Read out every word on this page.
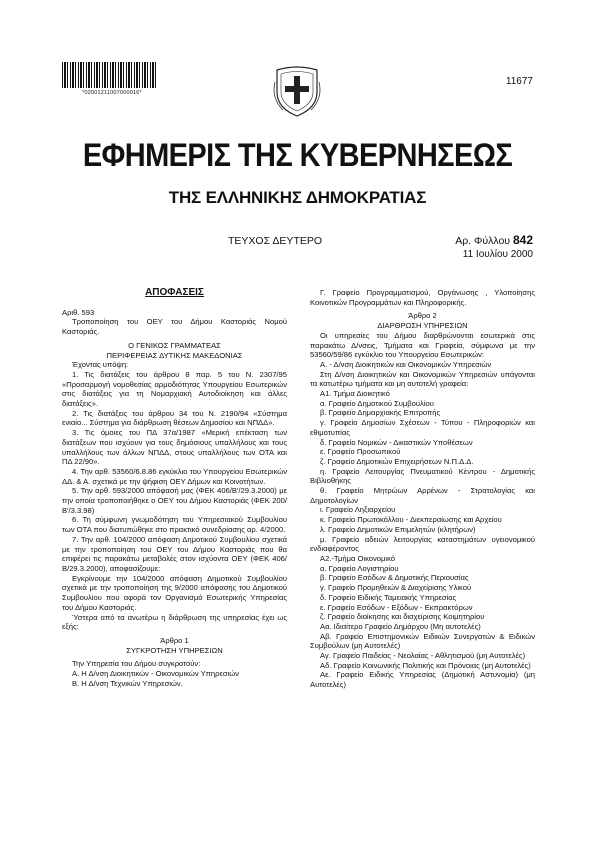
*02001211007000016*
11677
ΕΦΗΜΕΡΙΣ ΤΗΣ ΚΥΒΕΡΝΗΣΕΩΣ
ΤΗΣ ΕΛΛΗΝΙΚΗΣ ΔΗΜΟΚΡΑΤΙΑΣ
ΤΕΥΧΟΣ ΔΕΥΤΕΡΟ	Αρ. Φύλλου 842
11 Ιουλίου 2000

ΑΠΟΦΑΣΕΙΣ

Αριθ. 593

Τροποποίηση του ΟΕΥ του Δήμου Καστοριάς Νομού Καστοριάς.

Ο ΓΕΝΙΚΟΣ ΓΡΑΜΜΑΤΕΑΣ

ΠΕΡΙΦΕΡΕΙΑΣ ΔΥΤΙΚΗΣ ΜΑΚΕΔΟΝΙΑΣ

Έχοντας υπόψη:

1. Τις διατάξεις του άρθρου 8 παρ. 5 του Ν. 2307/95 «Προσαρμογή νομοθεσίας αρμοδιότητας Υπουργείου Εσωτερικών στις διατάξεις για τη Νομαρχιακή Αυτοδιοίκηση και άλλες διατάξεις».

2. Τις διατάξεις του άρθρου 34 του Ν. 2190/94 «Σύστημα ενιαίο... Σύστημα για διάρθρωση θέσεων Δημοσίου και ΝΠΔΔ».

3. Τις όμοιες του ΠΔ 37α/1987 «Μερική επέκταση των διατάξεων που ισχύουν για τους δημόσιους υπαλλήλους και τους υπαλλήλους των άλλων ΝΠΔΔ, στους υπαλλήλους των ΟΤΑ και ΠΔ 22/90».

4. Την αρθ. 53560/6.8.86 εγκύκλιο του Υπουργείου Εσωτερικών ΔΔ. & Α. σχετικά με την ψήφιση ΟΕΥ Δήμων και Κοινοτήτων.

5. Την αρθ. 593/2000 απόφασή μας (ΦΕΚ 406/Β'/29.3.2000) με την οποία τροποποιήθηκε ο ΟΕΥ του Δήμου Καστοριάς (ΦΕΚ 200/Β'/3.3.98)

6. Τη σύμφωνη γνωμοδότηση του Υπηρεσιακού Συμβουλίου των ΟΤΑ που διατυπώθηκε στο πρακτικό συνεδρίασης αρ. 4/2000.

7. Την αρθ. 104/2000 απόφαση Δημοτικού Συμβουλίου σχετικά με την τροποποίηση του ΟΕΥ του Δήμου Καστοριάς που θα επιφέρει τις παρακάτω μεταβολές στον ισχύοντα ΟΕΥ (ΦΕΚ 406/Β/29.3.2000), αποφασίζουμε:

Εγκρίνουμε την 104/2000 απόφαση Δημοτικού Συμβουλίου σχετικά με την τροποποίηση της 9/2000 απόφασης του Δημοτικού Συμβουλίου που αφορά τον Οργανισμό Εσωτερικής Υπηρεσίας του Δήμου Καστοριάς.

Ύστερα από τα ανωτέρω η διάρθρωση της υπηρεσίας έχει ως εξής:

Άρθρο 1

ΣΥΓΚΡΟΤΗΣΗ ΥΠΗΡΕΣΙΩΝ

Την Υπηρεσία του Δήμου συγκροτούν:

Α. Η Δ/νση Διοικητικών - Οικονομικών Υπηρεσιών

Β. Η Δ/νση Τεχνικών Υπηρεσιών.

Γ. Γραφείο Προγραμματισμού, Οργάνωσης , Υλοποίησης Κοινοτικών Προγραμμάτων και Πληροφορικής.

Άρθρο 2

ΔΙΑΡΘΡΩΣΗ ΥΠΗΡΕΣΙΩΝ

Οι υπηρεσίες του Δήμου διαρθρώνονται εσωτερικά στις παρακάτω Δ/νσεις, Τμήματα και Γραφεία, σύμφωνα με την 53560/59/86 εγκύκλιο του Υπουργείου Εσωτερικών:

Α. - Δ/νση Διοικητικών και Οικονομικών Υπηρεσιών

Στη Δ/νση Διοικητικών και Οικονομικών Υπηρεσιών υπάγονται τα κατωτέρω τμήματα και μη αυτοτελή γραφεία:

Α1. Τμήμα Διοικητικό

α. Γραφείο Δημοτικού Συμβουλίου

β. Γραφείο Δημαρχιακής Επιτροπής

γ. Γραφείο Δημοσίων Σχέσεων - Τύπου - Πληροφοριών και εθιμοτυπίας

δ. Γραφείο Νομικών - Δικαστικών Υποθέσεων

ε. Γραφείο Προσωπικού

ζ. Γραφείο Δημοτικών Επιχειρήσεων Ν.Π.Δ.Δ.

η. Γραφείο Λειτουργίας Πνευματικού Κέντρου - Δημοτικής Βιβλιοθήκης

θ. Γραφείο Μητρώων Αρρένων - Στρατολογίας και Δημοτολογίων

ι. Γραφείο Ληξιαρχείου

κ. Γραφείο Πρωτοκόλλου - Διεκπεραίωσης και Αρχείου

λ. Γραφείο Δημοτικών Επιμελητών (κλητήρων)

μ. Γραφείο αδειών λειτουργίας καταστημάτων υγειονομικού ενδιαφέροντος

Α2.-Τμήμα Οικονομικό

α. Γραφείο Λογιστηρίου

β. Γραφείο Εσόδων & Δημοτικής Περιουσίας

γ. Γραφείο Προμηθειών & Διαχείρισης Υλικού

δ. Γραφείο Ειδικής Ταμειακής Υπηρεσίας

ε. Γραφείο Εσόδων - Εξόδων - Εκπρακτόρων

ζ. Γραφείο διοίκησης και διαχείρισης Κοιμητηρίου

Αα. Ιδιαίτερο Γραφείο Δημάρχου (Μη αυτοτελές)

Αβ. Γραφείο Επιστημονικών Ειδικών Συνεργατών & Ειδικών Συμβούλων (μη Αυτοτελές)

Αγ. Γραφείο Παιδείας - Νεολαίας - Αθλητισμού (μη Αυτοτελές)

Αδ. Γραφείο Κοινωνικής Πολιτικής και Πρόνοιας (μη Αυτοτελές)

Αε. Γραφείο Ειδικής Υπηρεσίας (Δημοτική Αστυνομία) (μη Αυτοτελές)
